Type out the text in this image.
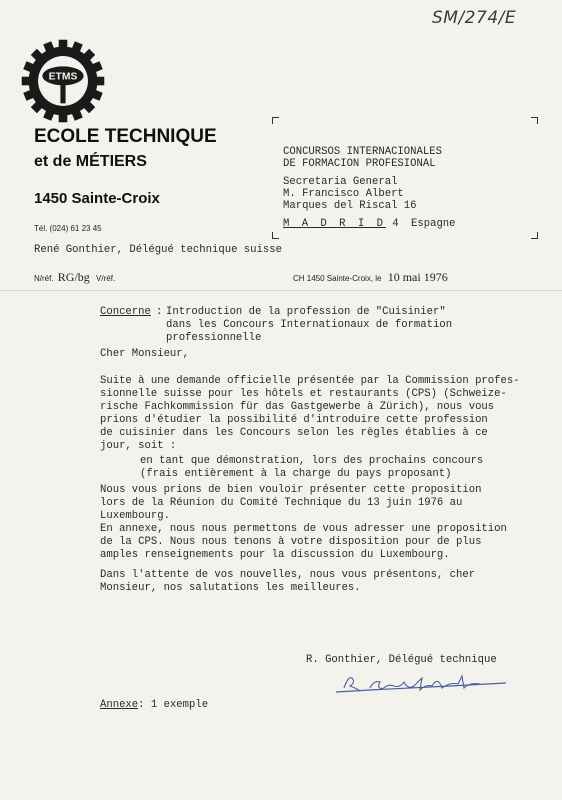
SM/274/E
ETMS
ECOLE TECHNIQUE
et de MÉTIERS
1450 Sainte-Croix
Tél. (024) 61 23 45
René Gonthier, Délégué technique suisse
N/réf. RG/bg V/réf.	CH 1450 Sainte-Croix, le 10 mai 1976
CONCURSOS INTERNACIONALES
DE FORMACION PROFESIONAL
Secretaria General
M. Francisco Albert
Marques del Riscal 16
M A D R I D 4 Espagne
Concerne : Introduction de la profession de "Cuisinier"
dans les Concours Internationaux de formation
professionnelle
Cher Monsieur,
Suite à une demande officielle présentée par la Commission profes-
sionnelle suisse pour les hôtels et restaurants (CPS) (Schweize-
rische Fachkommission für das Gastgewerbe à Zürich), nous vous
prions d'étudier la possibilité d'introduire cette profession
de cuisinier dans les Concours selon les règles établies à ce
jour, soit :
en tant que démonstration, lors des prochains concours
(frais entièrement à la charge du pays proposant)
Nous vous prions de bien vouloir présenter cette proposition
lors de la Réunion du Comité Technique du 13 juin 1976 au
Luxembourg.
En annexe, nous nous permettons de vous adresser une proposition
de la CPS. Nous nous tenons à votre disposition pour de plus
amples renseignements pour la discussion du Luxembourg.
Dans l'attente de vos nouvelles, nous vous présentons, cher
Monsieur, nos salutations les meilleures.
R. Gonthier, Délégué technique
Annexe: 1 exemple
